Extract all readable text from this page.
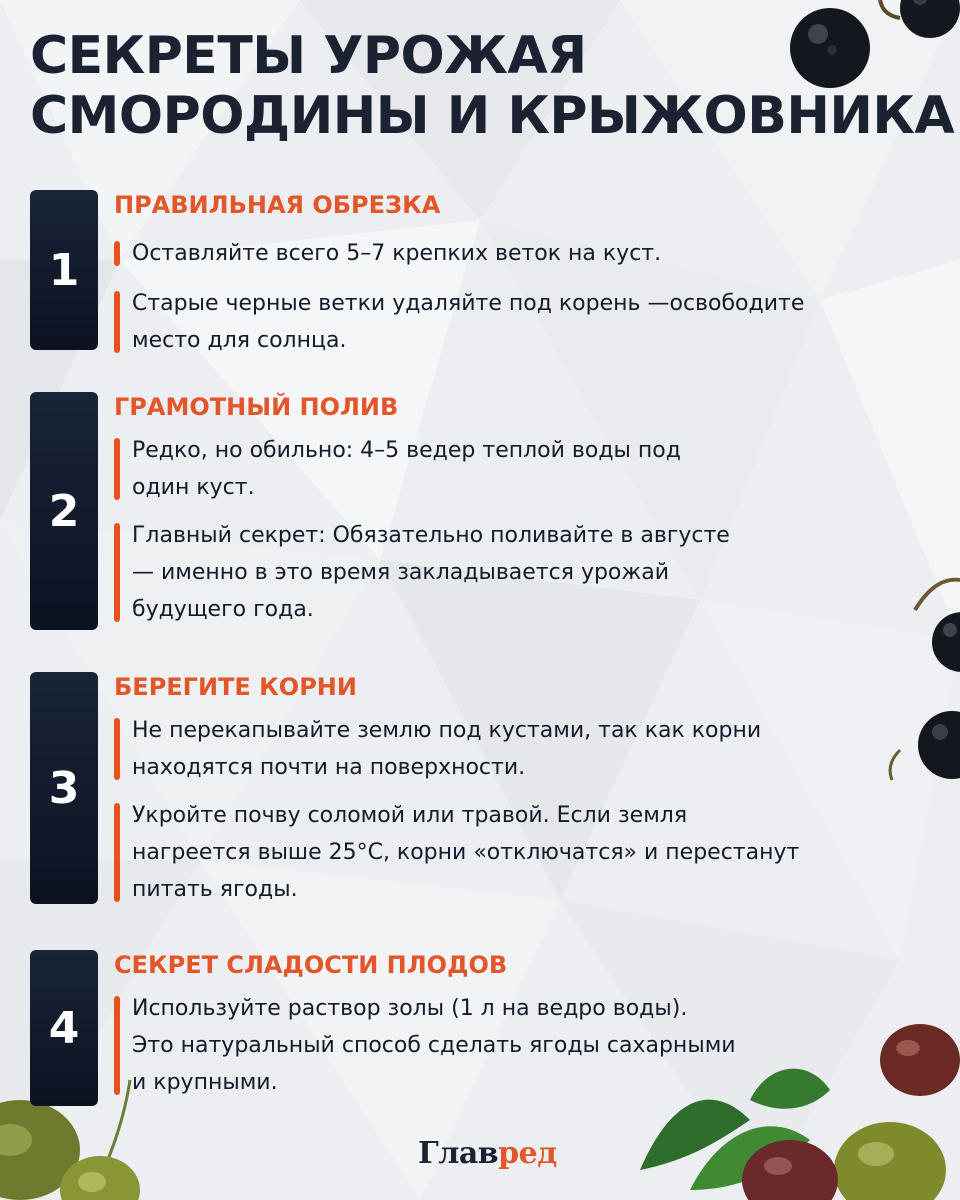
СЕКРЕТЫ УРОЖАЯ
СМОРОДИНЫ И КРЫЖОВНИКА
1
ПРАВИЛЬНАЯ ОБРЕЗКА
Оставляйте всего 5–7 крепких веток на куст.
Старые черные ветки удаляйте под корень —освободите
место для солнца.
2
ГРАМОТНЫЙ ПОЛИВ
Редко, но обильно: 4–5 ведер теплой воды под
один куст.
Главный секрет: Обязательно поливайте в августе
— именно в это время закладывается урожай
будущего года.
3
БЕРЕГИТЕ КОРНИ
Не перекапывайте землю под кустами, так как корни
находятся почти на поверхности.
Укройте почву соломой или травой. Если земля
нагреется выше 25°C, корни «отключатся» и перестанут
питать ягоды.
4
СЕКРЕТ СЛАДОСТИ ПЛОДОВ
Используйте раствор золы (1 л на ведро воды).
Это натуральный способ сделать ягоды сахарными
и крупными.
Главред
